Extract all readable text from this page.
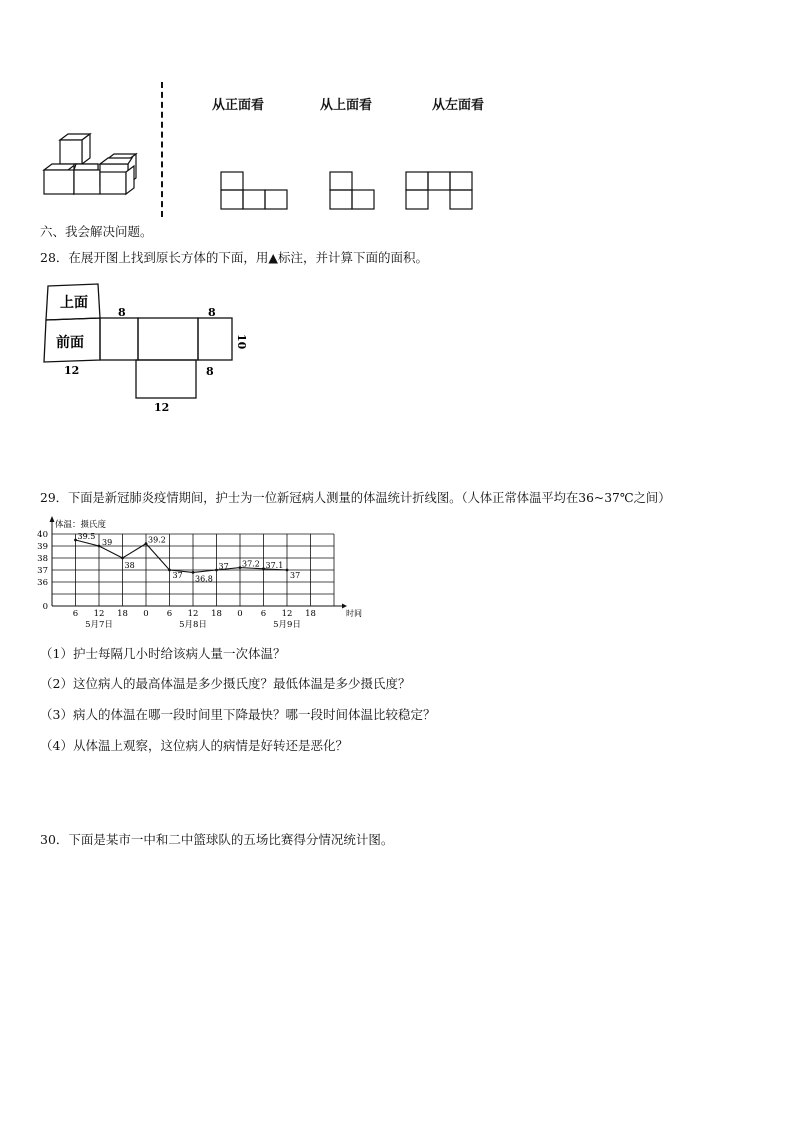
从正面看	从上面看	从左面看
六、我会解决问题。
28．在展开图上找到原长方体的下面，用▲标注，并计算下面的面积。
上面
前面
8	8
10
12	8
12
29．下面是新冠肺炎疫情期间，护士为一位新冠病人测量的体温统计折线图。（人体正常体温平均在36~37℃之间）
体温：摄氏度
40
39
38
37
36
0
6 12 18 0 6 12 18 0 6 12 18	时间
5月7日	5月8日	5月9日
39.5
39
38
39.2
37 36.8
37 37.2 37.1
37
（1）护士每隔几小时给该病人量一次体温？
（2）这位病人的最高体温是多少摄氏度？最低体温是多少摄氏度？
（3）病人的体温在哪一段时间里下降最快？哪一段时间体温比较稳定？
（4）从体温上观察，这位病人的病情是好转还是恶化？
30．下面是某市一中和二中篮球队的五场比赛得分情况统计图。
